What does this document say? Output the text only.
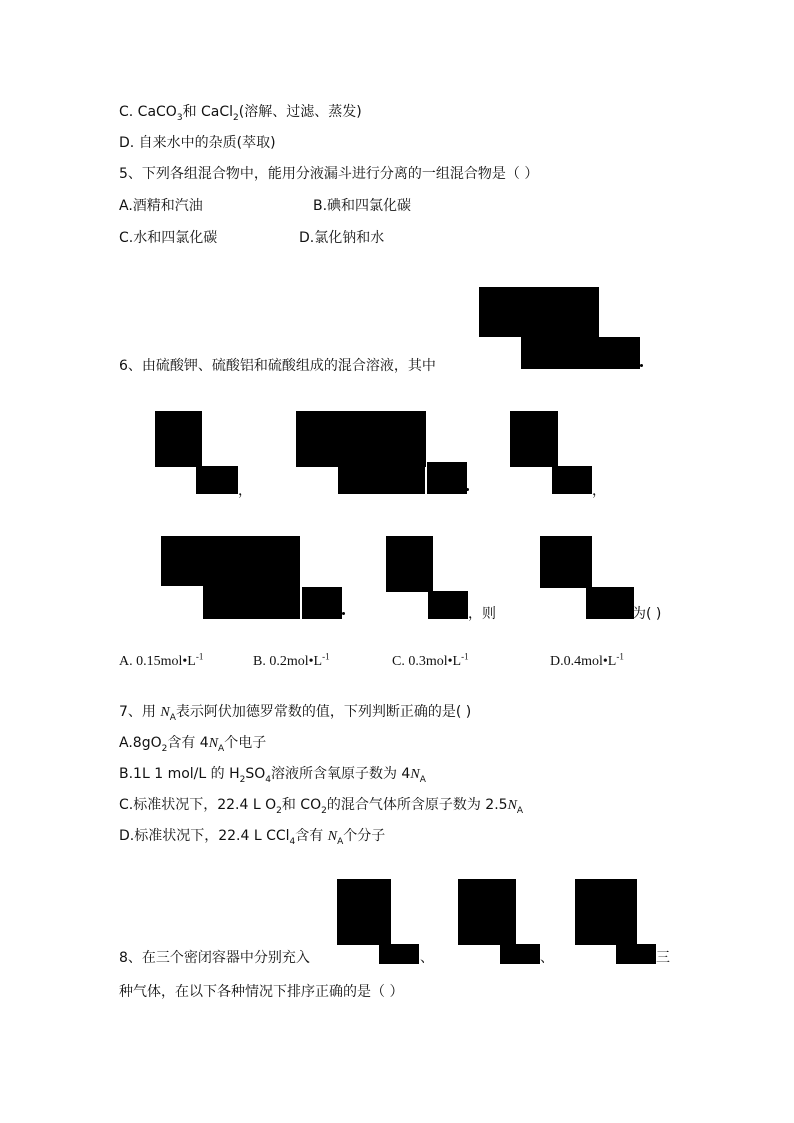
C. CaCO$_3$和 CaCl$_2$(溶解、过滤、蒸发)
D. 自来水中的杂质(萃取)
5、下列各组混合物中，能用分液漏斗进行分离的一组混合物是（ ）
A.酒精和汽油	B.碘和四氯化碳
C.水和四氯化碳	D.氯化钠和水
6、由硫酸钾、硫酸铝和硫酸组成的混合溶液，其中
，	，
，则	为( )
A. $0.15mol•L^{-1}$	B. $0.2mol•L^{-1}$	C. $0.3mol•L^{-1}$	$D.0.4mol•L^{-1}$
7、用 $N_A$表示阿伏加德罗常数的值，下列判断正确的是( )
$A.8gO_2$含有 $4N_A$个电子
B.1L 1 mol/L 的 $H_2SO_4$溶液所含氧原子数为 $4N_A$
C.标准状况下，22.4 L $O_2$和 $CO_2$的混合气体所含原子数为 $2.5N_A$
D.标准状况下，22.4 L CCl$_4$含有 $N_A$个分子
8、在三个密闭容器中分别充入	、	、	三
种气体，在以下各种情况下排序正确的是（ ）
